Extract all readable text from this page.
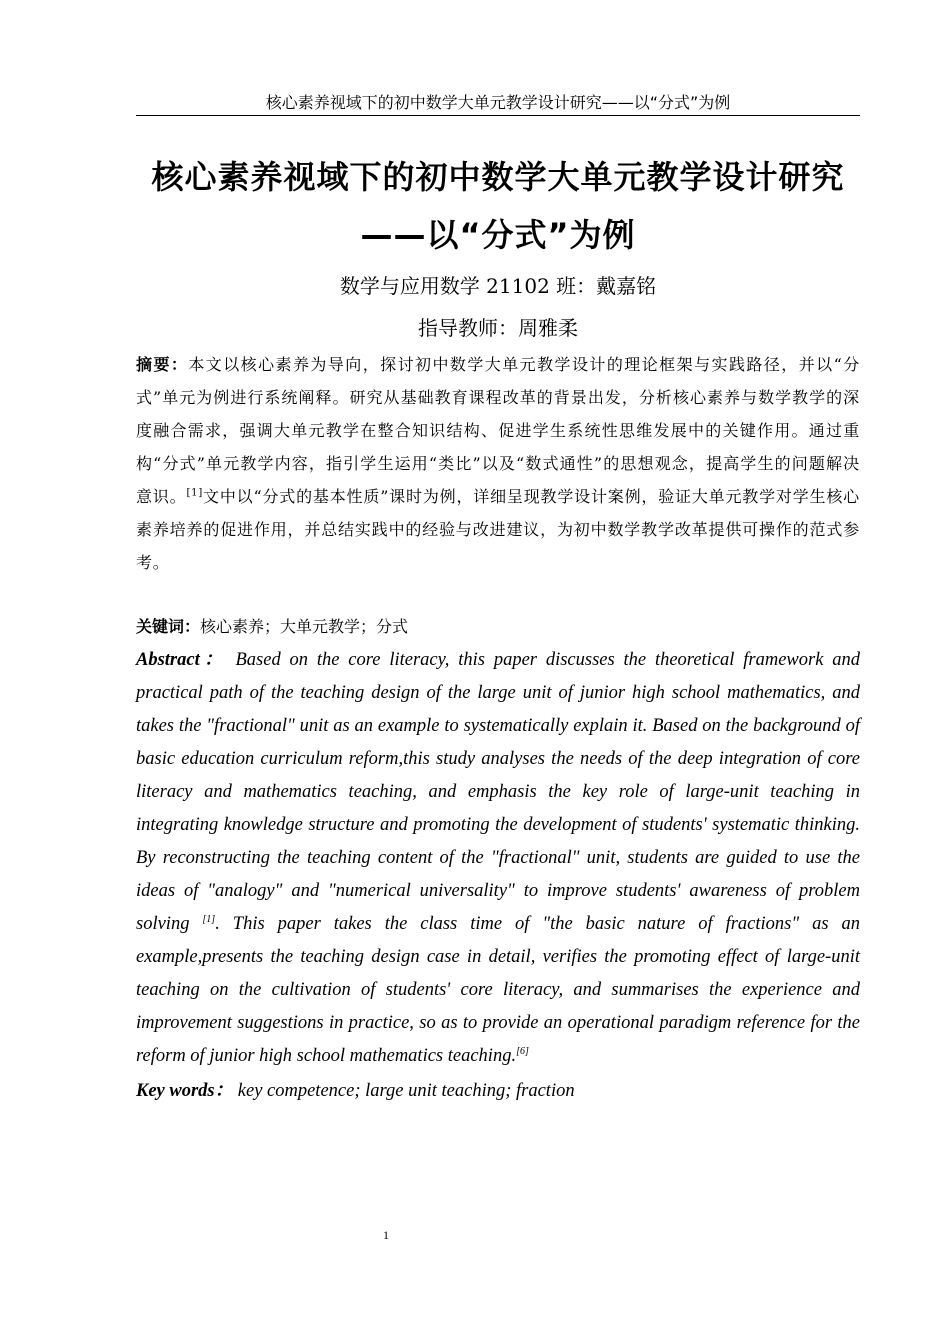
核心素养视域下的初中数学大单元教学设计研究——以“分式”为例
核心素养视域下的初中数学大单元教学设计研究——以“分式”为例
数学与应用数学 21102 班：戴嘉铭
指导教师：周雅柔
摘要：本文以核心素养为导向，探讨初中数学大单元教学设计的理论框架与实践路径，并以“分式”单元为例进行系统阐释。研究从基础教育课程改革的背景出发，分析核心素养与数学教学的深度融合需求，强调大单元教学在整合知识结构、促进学生系统性思维发展中的关键作用。通过重构“分式”单元教学内容，指引学生运用“类比”以及“数式通性”的思想观念，提高学生的问题解决意识。[1]文中以“分式的基本性质”课时为例，详细呈现教学设计案例，验证大单元教学对学生核心素养培养的促进作用，并总结实践中的经验与改进建议，为初中数学教学改革提供可操作的范式参考。
关键词：核心素养；大单元教学；分式
Abstract： Based on the core literacy, this paper discusses the theoretical framework and practical path of the teaching design of the large unit of junior high school mathematics, and takes the "fractional" unit as an example to systematically explain it. Based on the background of basic education curriculum reform,this study analyses the needs of the deep integration of core literacy and mathematics teaching, and emphasis the key role of large-unit teaching in integrating knowledge structure and promoting the development of students' systematic thinking. By reconstructing the teaching content of the "fractional" unit, students are guided to use the ideas of "analogy" and "numerical universality" to improve students' awareness of problem solving [1]. This paper takes the class time of "the basic nature of fractions" as an example,presents the teaching design case in detail, verifies the promoting effect of large-unit teaching on the cultivation of students' core literacy, and summarises the experience and improvement suggestions in practice, so as to provide an operational paradigm reference for the reform of junior high school mathematics teaching.[6]
Key words： key competence; large unit teaching; fraction
1
